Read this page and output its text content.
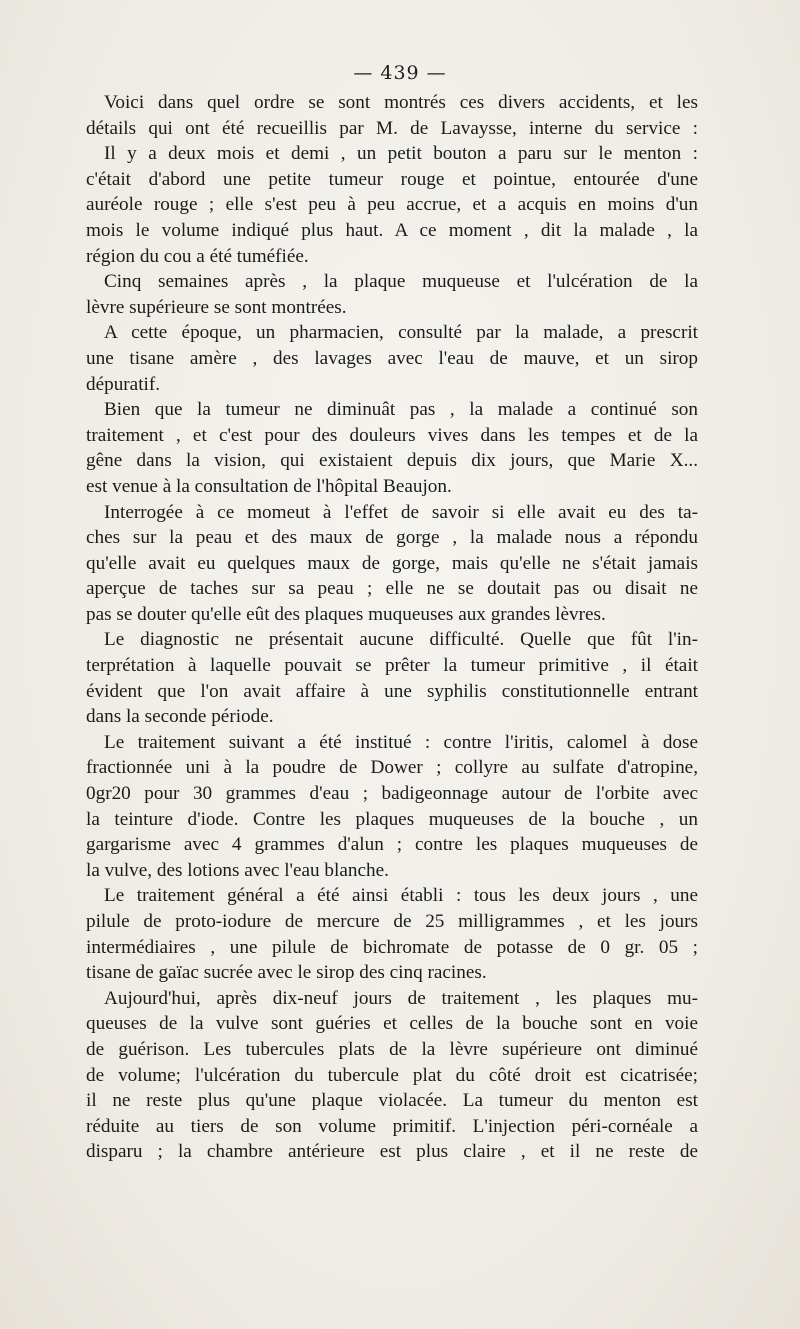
— 439 —
Voici dans quel ordre se sont montrés ces divers accidents, et les
détails qui ont été recueillis par M. de Lavaysse, interne du service :
Il y a deux mois et demi , un petit bouton a paru sur le menton :
c'était d'abord une petite tumeur rouge et pointue, entourée d'une
auréole rouge ; elle s'est peu à peu accrue, et a acquis en moins d'un
mois le volume indiqué plus haut. A ce moment , dit la malade , la
région du cou a été tuméfiée.
Cinq semaines après , la plaque muqueuse et l'ulcération de la
lèvre supérieure se sont montrées.
A cette époque, un pharmacien, consulté par la malade, a prescrit
une tisane amère , des lavages avec l'eau de mauve, et un sirop
dépuratif.
Bien que la tumeur ne diminuât pas , la malade a continué son
traitement , et c'est pour des douleurs vives dans les tempes et de la
gêne dans la vision, qui existaient depuis dix jours, que Marie X...
est venue à la consultation de l'hôpital Beaujon.
Interrogée à ce momeut à l'effet de savoir si elle avait eu des ta-
ches sur la peau et des maux de gorge , la malade nous a répondu
qu'elle avait eu quelques maux de gorge, mais qu'elle ne s'était jamais
aperçue de taches sur sa peau ; elle ne se doutait pas ou disait ne
pas se douter qu'elle eût des plaques muqueuses aux grandes lèvres.
Le diagnostic ne présentait aucune difficulté. Quelle que fût l'in-
terprétation à laquelle pouvait se prêter la tumeur primitive , il était
évident que l'on avait affaire à une syphilis constitutionnelle entrant
dans la seconde période.
Le traitement suivant a été institué : contre l'iritis, calomel à dose
fractionnée uni à la poudre de Dower ; collyre au sulfate d'atropine,
0gr20 pour 30 grammes d'eau ; badigeonnage autour de l'orbite avec
la teinture d'iode. Contre les plaques muqueuses de la bouche , un
gargarisme avec 4 grammes d'alun ; contre les plaques muqueuses de
la vulve, des lotions avec l'eau blanche.
Le traitement général a été ainsi établi : tous les deux jours , une
pilule de proto-iodure de mercure de 25 milligrammes , et les jours
intermédiaires , une pilule de bichromate de potasse de 0 gr. 05 ;
tisane de gaïac sucrée avec le sirop des cinq racines.
Aujourd'hui, après dix-neuf jours de traitement , les plaques mu-
queuses de la vulve sont guéries et celles de la bouche sont en voie
de guérison. Les tubercules plats de la lèvre supérieure ont diminué
de volume; l'ulcération du tubercule plat du côté droit est cicatrisée;
il ne reste plus qu'une plaque violacée. La tumeur du menton est
réduite au tiers de son volume primitif. L'injection péri-cornéale a
disparu ; la chambre antérieure est plus claire , et il ne reste de
